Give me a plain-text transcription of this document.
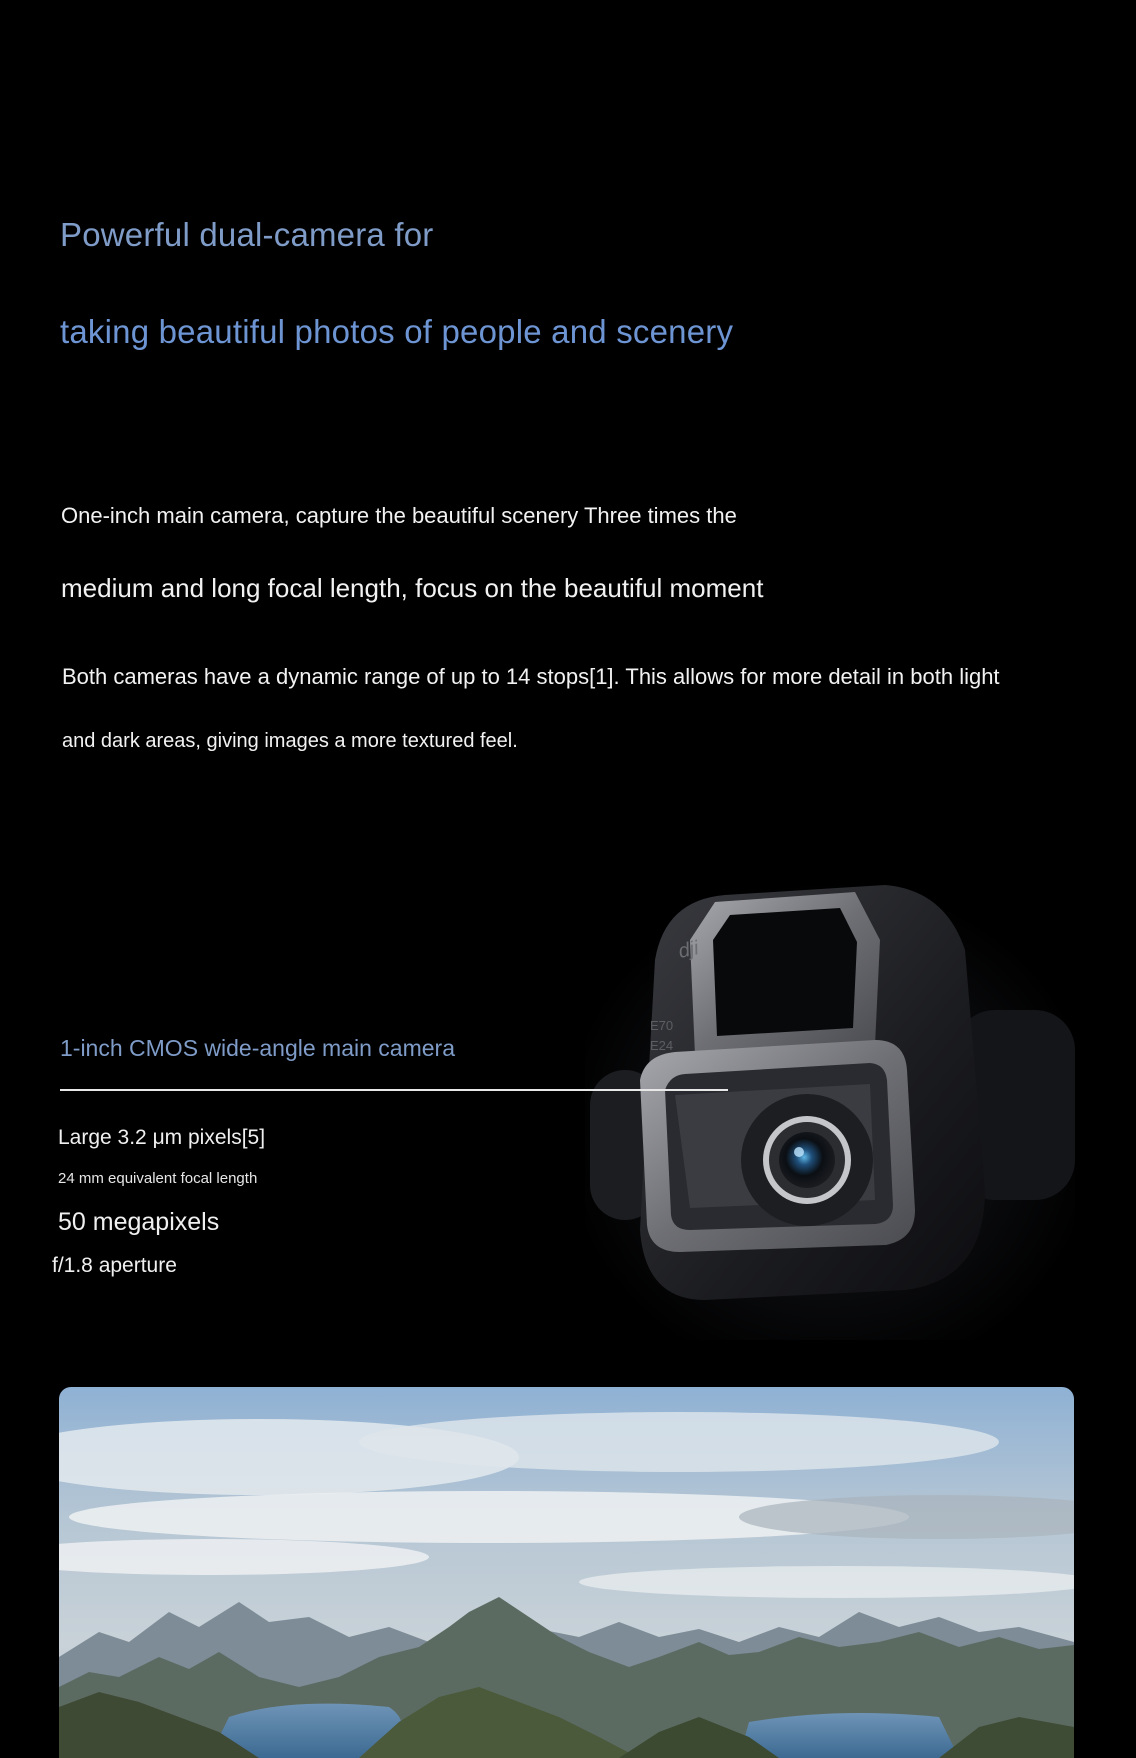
Powerful dual-camera for
taking beautiful photos of people and scenery

One-inch main camera, capture the beautiful scenery Three times the

medium and long focal length, focus on the beautiful moment

Both cameras have a dynamic range of up to 14 stops[1]. This allows for more detail in both light

and dark areas, giving images a more textured feel.

dji
E70
E24
1-inch CMOS wide-angle main camera

Large 3.2 μm pixels[5]

24 mm equivalent focal length

50 megapixels

f/1.8 aperture
